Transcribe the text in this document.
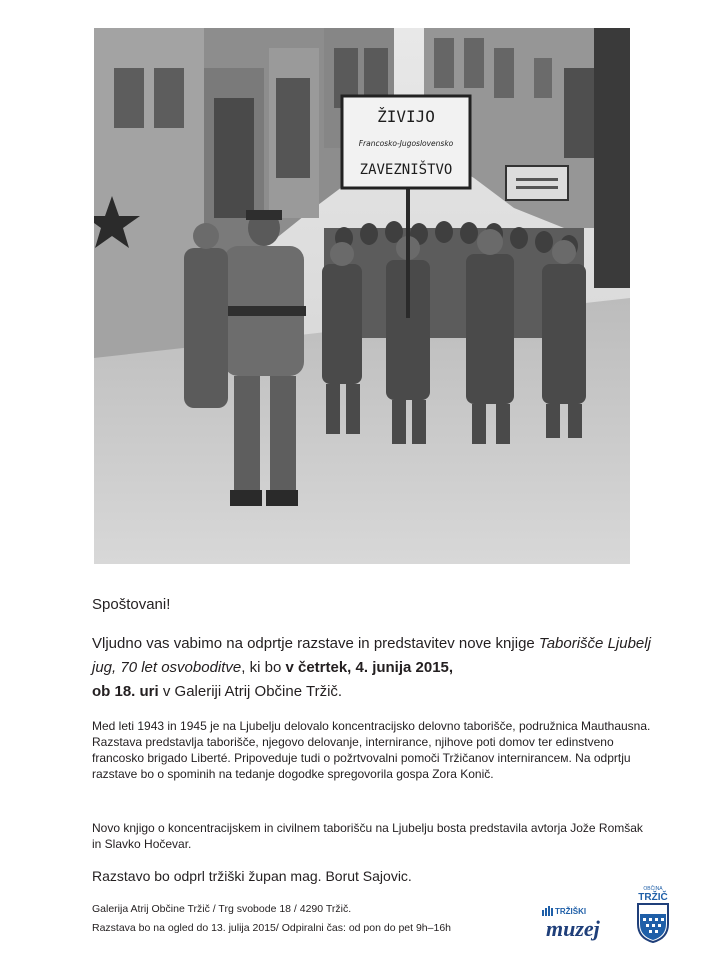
ŽIVIJO
Francosko-Jugoslovensko
ZAVEZNIŠTVO

Spoštovani!

Vljudno vas vabimo na odprtje razstave in predstavitev nove knjige Taborišče Ljubelj jug, 70 let osvoboditve, ki bo v četrtek, 4. junija 2015,
ob 18. uri v Galeriji Atrij Občine Tržič.

Med leti 1943 in 1945 je na Ljubelju delovalo koncentracijsko delovno taborišče, podružnica Mauthausna. Razstava predstavlja taborišče, njegovo delovanje, internirance, njihove poti domov ter edinstveno francosko brigado Liberté. Pripoveduje tudi o požrtvovalni pomoči Tržičanov interniranceм. Na odprtju razstave bo o spominih na tedanje dogodke spregovorila gospa Zora Konič.

Novo knjigo o koncentracijskem in civilnem taborišču na Ljubelju bosta predstavila avtorja Jože Romšak in Slavko Hočevar.

Razstavo bo odprl tržiški župan mag. Borut Sajovic.

Galerija Atrij Občine Tržič / Trg svobode 18 / 4290 Tržič.
Razstava bo na ogled do 13. julija 2015/ Odpiralni čas: od pon do pet 9h–16h
TRŽIŠKI
muzej
OBČINA
TRŽIČ
